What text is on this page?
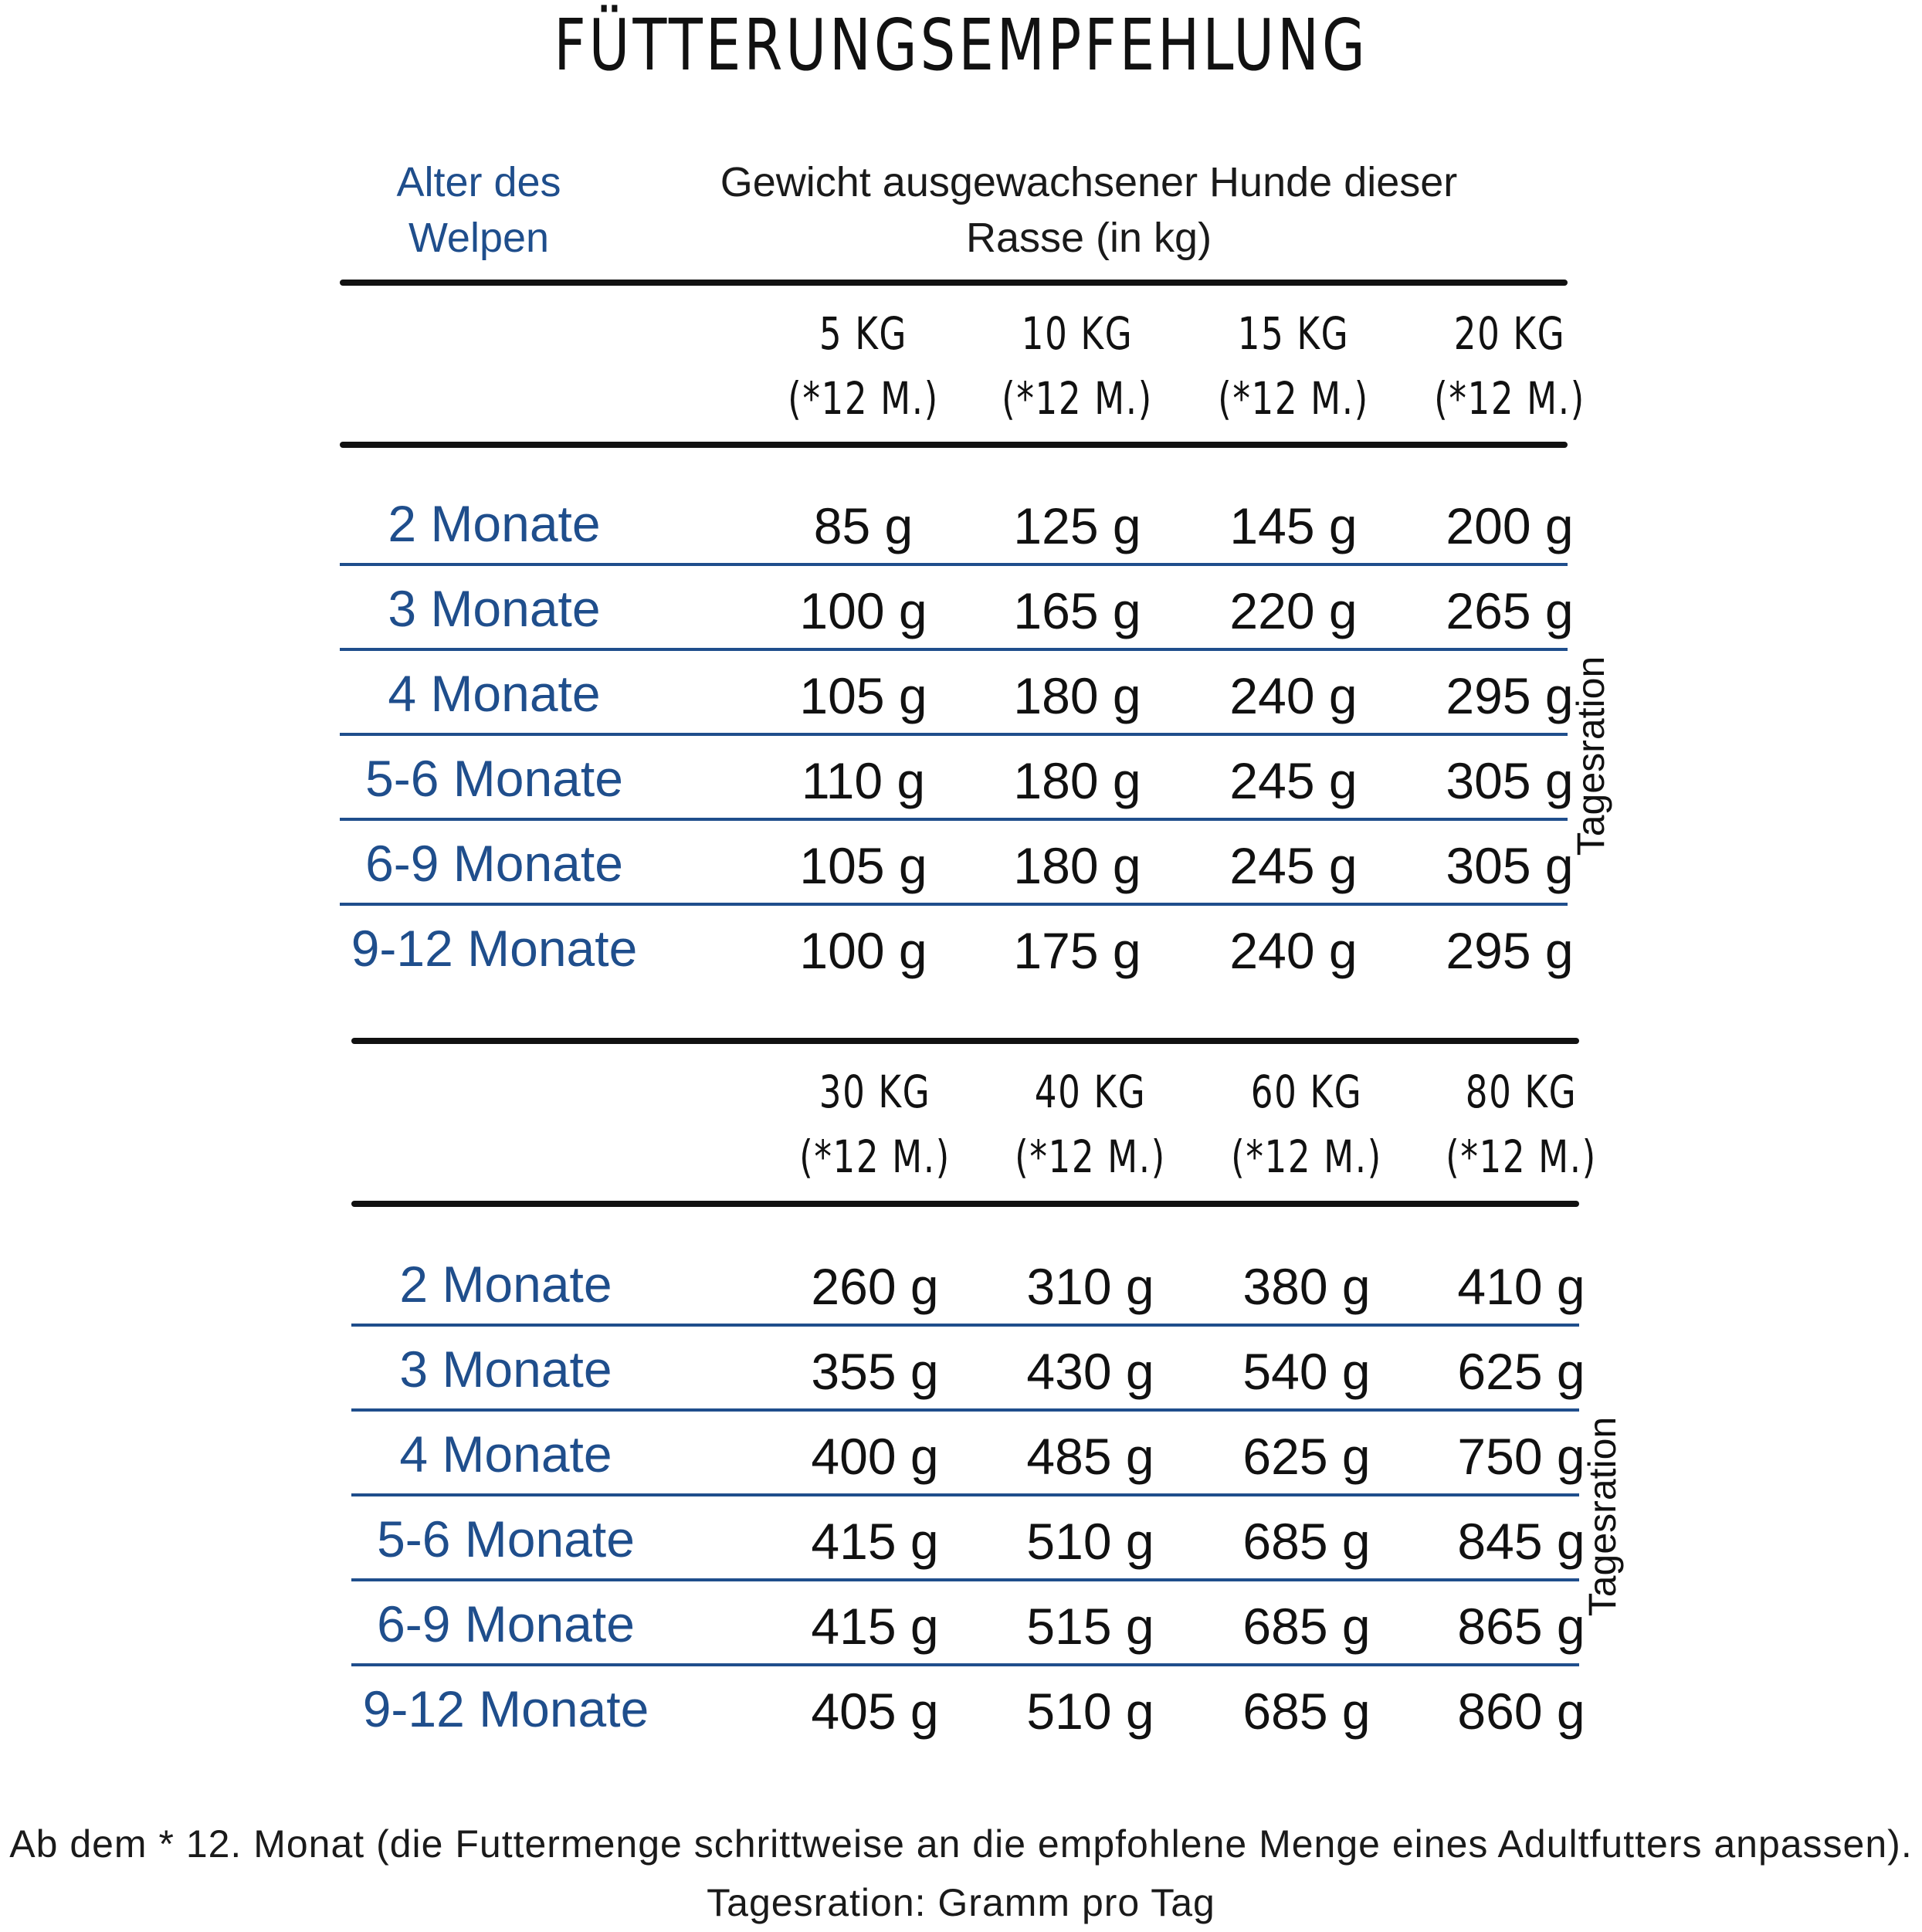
FÜTTERUNGSEMPFEHLUNG
Alter des Welpen
Gewicht ausgewachsener Hunde dieser Rasse (in kg)
5 KG
(*12 M.)
10 KG
(*12 M.)
15 KG
(*12 M.)
20 KG
(*12 M.)
2 Monate	85 g	125 g	145 g	200 g
3 Monate	100 g	165 g	220 g	265 g
4 Monate	105 g	180 g	240 g	295 g
5-6 Monate	110 g	180 g	245 g	305 g
6-9 Monate	105 g	180 g	245 g	305 g
9-12 Monate	100 g	175 g	240 g	295 g
Tagesration
30 KG
(*12 M.)
40 KG
(*12 M.)
60 KG
(*12 M.)
80 KG
(*12 M.)
2 Monate	260 g	310 g	380 g	410 g
3 Monate	355 g	430 g	540 g	625 g
4 Monate	400 g	485 g	625 g	750 g
5-6 Monate	415 g	510 g	685 g	845 g
6-9 Monate	415 g	515 g	685 g	865 g
9-12 Monate	405 g	510 g	685 g	860 g
Tagesration
Ab dem * 12. Monat (die Futtermenge schrittweise an die empfohlene Menge eines Adultfutters anpassen). Tagesration: Gramm pro Tag
